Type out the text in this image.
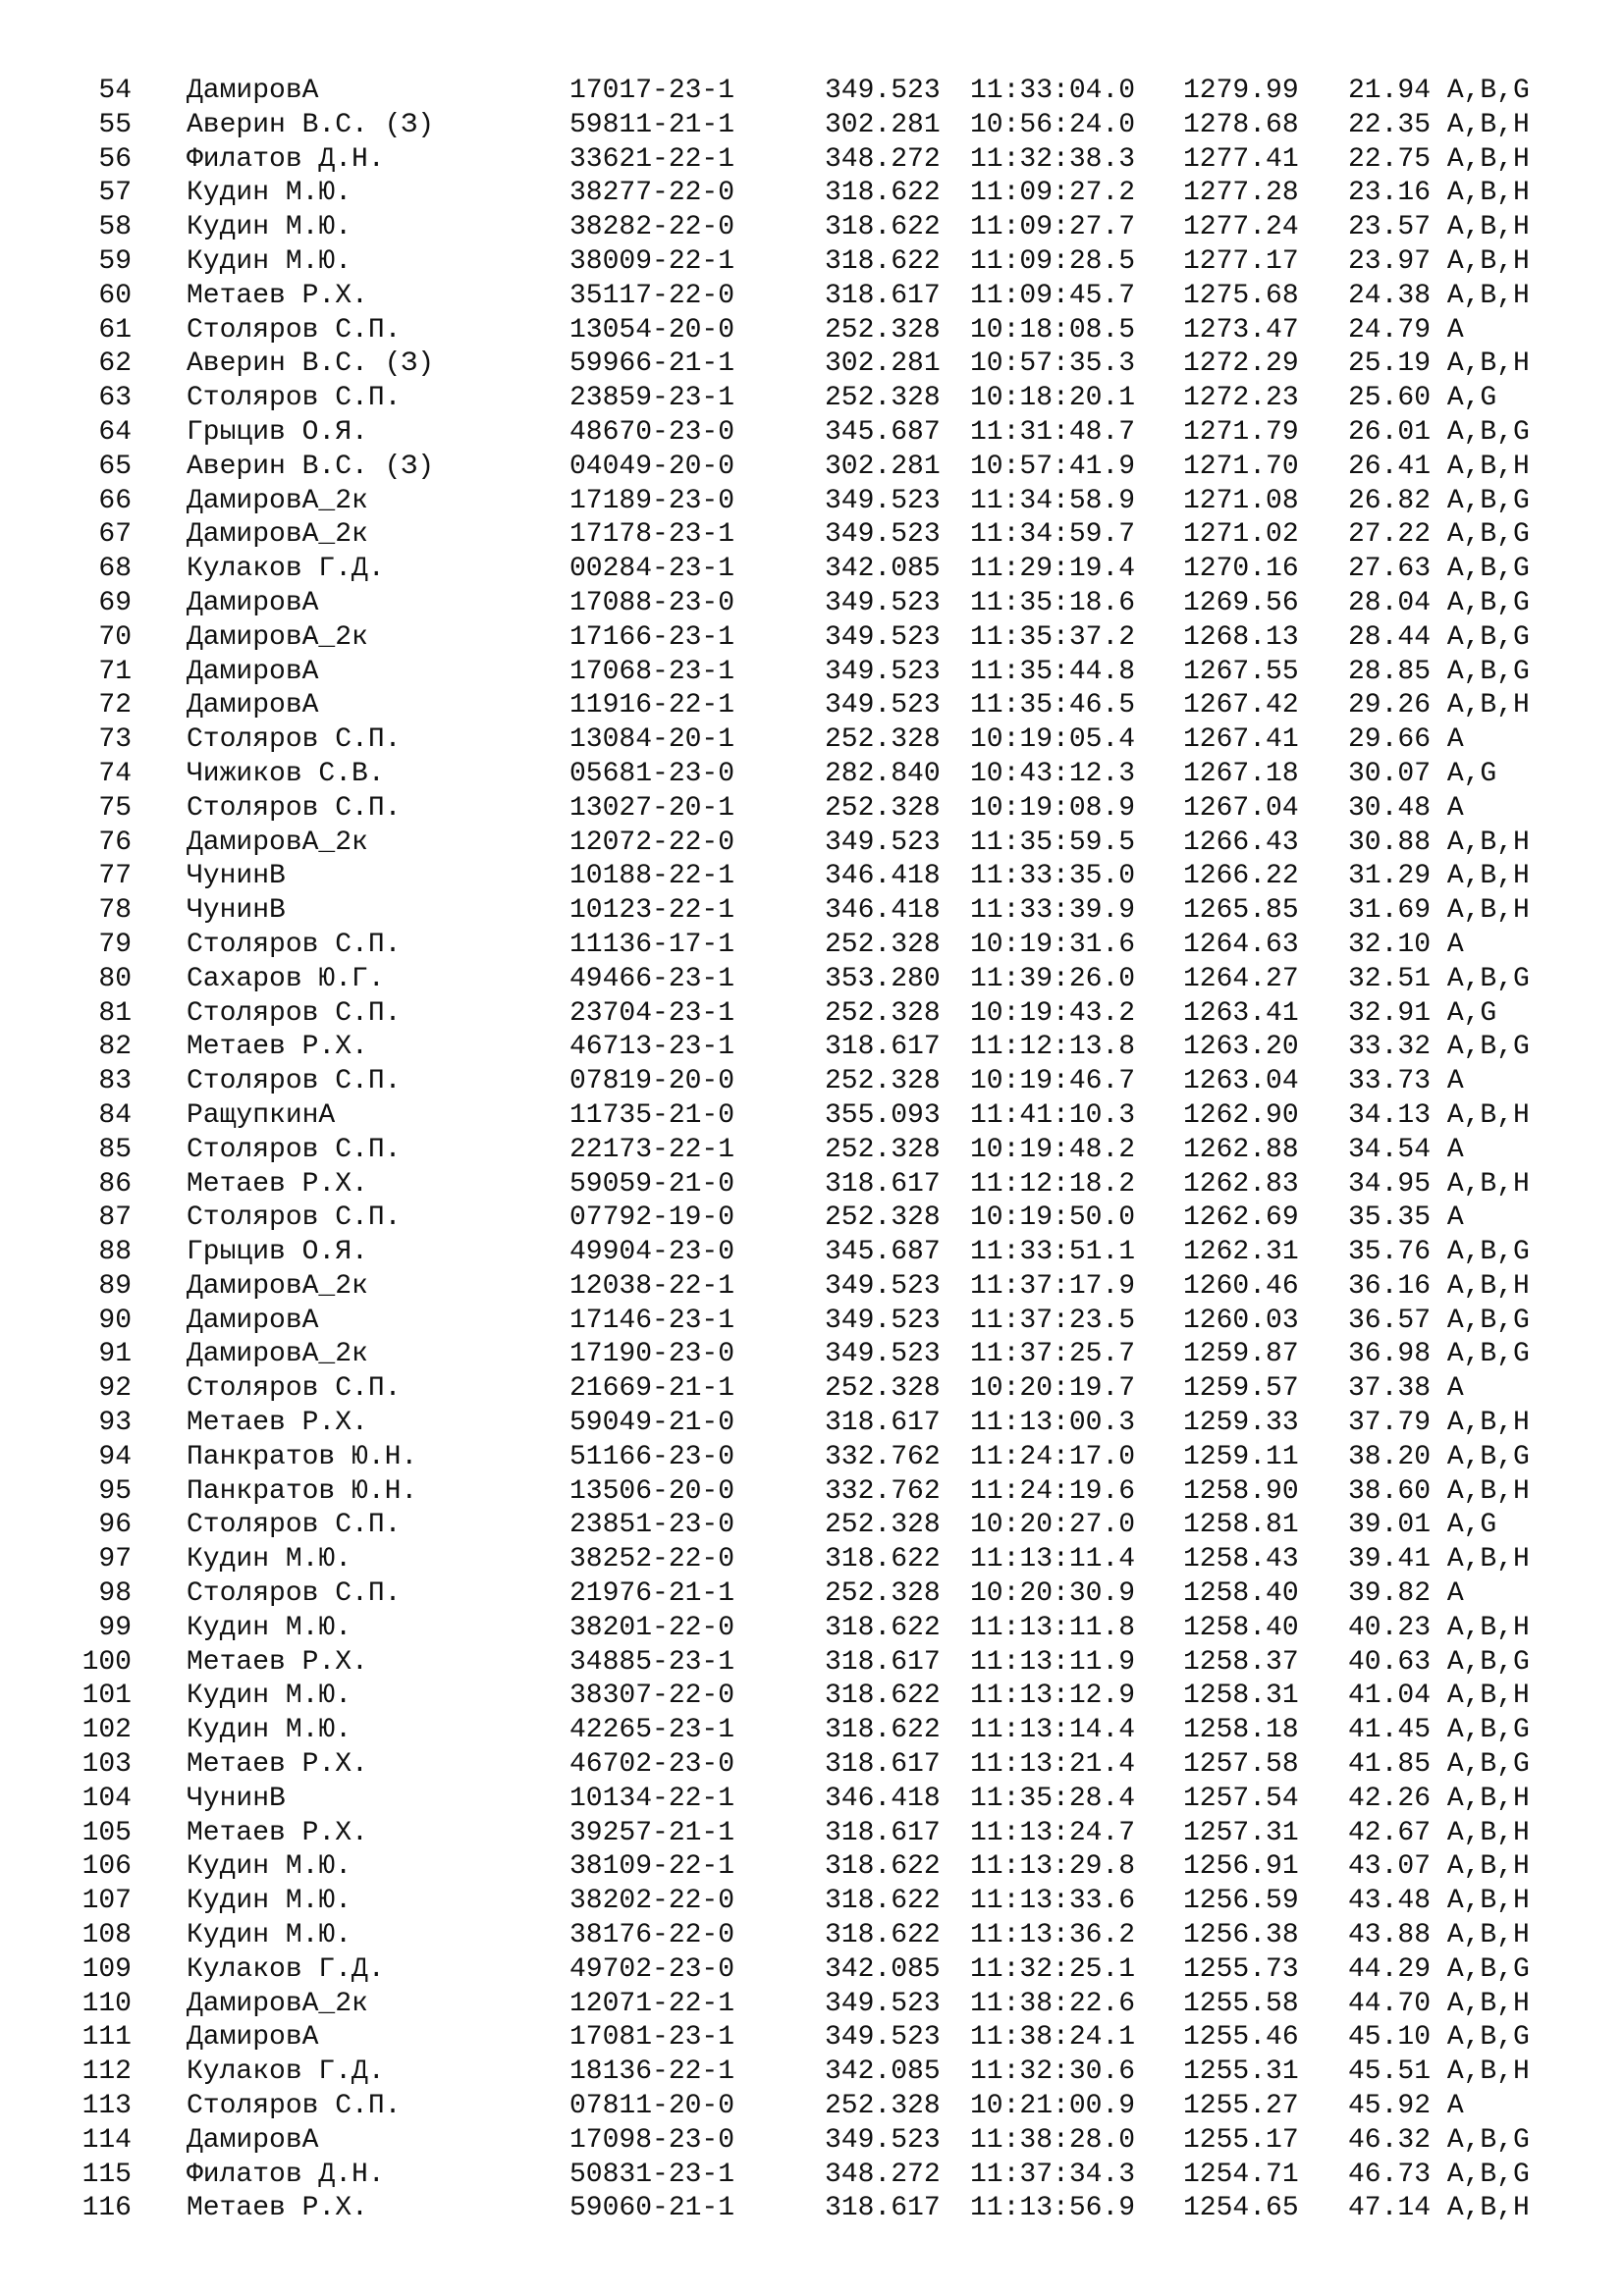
54 ДамировА	17017-23-1	349.523 11:33:04.0 1279.99 21.94 A,B,G
55 Аверин В.С. (З)	59811-21-1	302.281 10:56:24.0 1278.68 22.35 A,B,H
56 Филатов Д.Н.	33621-22-1	348.272 11:32:38.3 1277.41 22.75 A,B,H
57 Кудин М.Ю.	38277-22-0	318.622 11:09:27.2 1277.28 23.16 A,B,H
58 Кудин М.Ю.	38282-22-0	318.622 11:09:27.7 1277.24 23.57 A,B,H
59 Кудин М.Ю.	38009-22-1	318.622 11:09:28.5 1277.17 23.97 A,B,H
60 Метаев Р.Х.	35117-22-0	318.617 11:09:45.7 1275.68 24.38 A,B,H
61 Столяров С.П.	13054-20-0	252.328 10:18:08.5 1273.47 24.79 A
62 Аверин В.С. (З)	59966-21-1	302.281 10:57:35.3 1272.29 25.19 A,B,H
63 Столяров С.П.	23859-23-1	252.328 10:18:20.1 1272.23 25.60 A,G
64 Грыцив О.Я.	48670-23-0	345.687 11:31:48.7 1271.79 26.01 A,B,G
65 Аверин В.С. (З)	04049-20-0	302.281 10:57:41.9 1271.70 26.41 A,B,H
66 ДамировА_2к	17189-23-0	349.523 11:34:58.9 1271.08 26.82 A,B,G
67 ДамировА_2к	17178-23-1	349.523 11:34:59.7 1271.02 27.22 A,B,G
68 Кулаков Г.Д.	00284-23-1	342.085 11:29:19.4 1270.16 27.63 A,B,G
69 ДамировА	17088-23-0	349.523 11:35:18.6 1269.56 28.04 A,B,G
70 ДамировА_2к	17166-23-1	349.523 11:35:37.2 1268.13 28.44 A,B,G
71 ДамировА	17068-23-1	349.523 11:35:44.8 1267.55 28.85 A,B,G
72 ДамировА	11916-22-1	349.523 11:35:46.5 1267.42 29.26 A,B,H
73 Столяров С.П.	13084-20-1	252.328 10:19:05.4 1267.41 29.66 A
74 Чижиков С.В.	05681-23-0	282.840 10:43:12.3 1267.18 30.07 A,G
75 Столяров С.П.	13027-20-1	252.328 10:19:08.9 1267.04 30.48 A
76 ДамировА_2к	12072-22-0	349.523 11:35:59.5 1266.43 30.88 A,B,H
77 ЧунинВ	10188-22-1	346.418 11:33:35.0 1266.22 31.29 A,B,H
78 ЧунинВ	10123-22-1	346.418 11:33:39.9 1265.85 31.69 A,B,H
79 Столяров С.П.	11136-17-1	252.328 10:19:31.6 1264.63 32.10 A
80 Сахаров Ю.Г.	49466-23-1	353.280 11:39:26.0 1264.27 32.51 A,B,G
81 Столяров С.П.	23704-23-1	252.328 10:19:43.2 1263.41 32.91 A,G
82 Метаев Р.Х.	46713-23-1	318.617 11:12:13.8 1263.20 33.32 A,B,G
83 Столяров С.П.	07819-20-0	252.328 10:19:46.7 1263.04 33.73 A
84 РащупкинА	11735-21-0	355.093 11:41:10.3 1262.90 34.13 A,B,H
85 Столяров С.П.	22173-22-1	252.328 10:19:48.2 1262.88 34.54 A
86 Метаев Р.Х.	59059-21-0	318.617 11:12:18.2 1262.83 34.95 A,B,H
87 Столяров С.П.	07792-19-0	252.328 10:19:50.0 1262.69 35.35 A
88 Грыцив О.Я.	49904-23-0	345.687 11:33:51.1 1262.31 35.76 A,B,G
89 ДамировА_2к	12038-22-1	349.523 11:37:17.9 1260.46 36.16 A,B,H
90 ДамировА	17146-23-1	349.523 11:37:23.5 1260.03 36.57 A,B,G
91 ДамировА_2к	17190-23-0	349.523 11:37:25.7 1259.87 36.98 A,B,G
92 Столяров С.П.	21669-21-1	252.328 10:20:19.7 1259.57 37.38 A
93 Метаев Р.Х.	59049-21-0	318.617 11:13:00.3 1259.33 37.79 A,B,H
94 Панкратов Ю.Н.	51166-23-0	332.762 11:24:17.0 1259.11 38.20 A,B,G
95 Панкратов Ю.Н.	13506-20-0	332.762 11:24:19.6 1258.90 38.60 A,B,H
96 Столяров С.П.	23851-23-0	252.328 10:20:27.0 1258.81 39.01 A,G
97 Кудин М.Ю.	38252-22-0	318.622 11:13:11.4 1258.43 39.41 A,B,H
98 Столяров С.П.	21976-21-1	252.328 10:20:30.9 1258.40 39.82 A
99 Кудин М.Ю.	38201-22-0	318.622 11:13:11.8 1258.40 40.23 A,B,H
100 Метаев Р.Х.	34885-23-1	318.617 11:13:11.9 1258.37 40.63 A,B,G
101 Кудин М.Ю.	38307-22-0	318.622 11:13:12.9 1258.31 41.04 A,B,H
102 Кудин М.Ю.	42265-23-1	318.622 11:13:14.4 1258.18 41.45 A,B,G
103 Метаев Р.Х.	46702-23-0	318.617 11:13:21.4 1257.58 41.85 A,B,G
104 ЧунинВ	10134-22-1	346.418 11:35:28.4 1257.54 42.26 A,B,H
105 Метаев Р.Х.	39257-21-1	318.617 11:13:24.7 1257.31 42.67 A,B,H
106 Кудин М.Ю.	38109-22-1	318.622 11:13:29.8 1256.91 43.07 A,B,H
107 Кудин М.Ю.	38202-22-0	318.622 11:13:33.6 1256.59 43.48 A,B,H
108 Кудин М.Ю.	38176-22-0	318.622 11:13:36.2 1256.38 43.88 A,B,H
109 Кулаков Г.Д.	49702-23-0	342.085 11:32:25.1 1255.73 44.29 A,B,G
110 ДамировА_2к	12071-22-1	349.523 11:38:22.6 1255.58 44.70 A,B,H
111 ДамировА	17081-23-1	349.523 11:38:24.1 1255.46 45.10 A,B,G
112 Кулаков Г.Д.	18136-22-1	342.085 11:32:30.6 1255.31 45.51 A,B,H
113 Столяров С.П.	07811-20-0	252.328 10:21:00.9 1255.27 45.92 A
114 ДамировА	17098-23-0	349.523 11:38:28.0 1255.17 46.32 A,B,G
115 Филатов Д.Н.	50831-23-1	348.272 11:37:34.3 1254.71 46.73 A,B,G
116 Метаев Р.Х.	59060-21-1	318.617 11:13:56.9 1254.65 47.14 A,B,H
